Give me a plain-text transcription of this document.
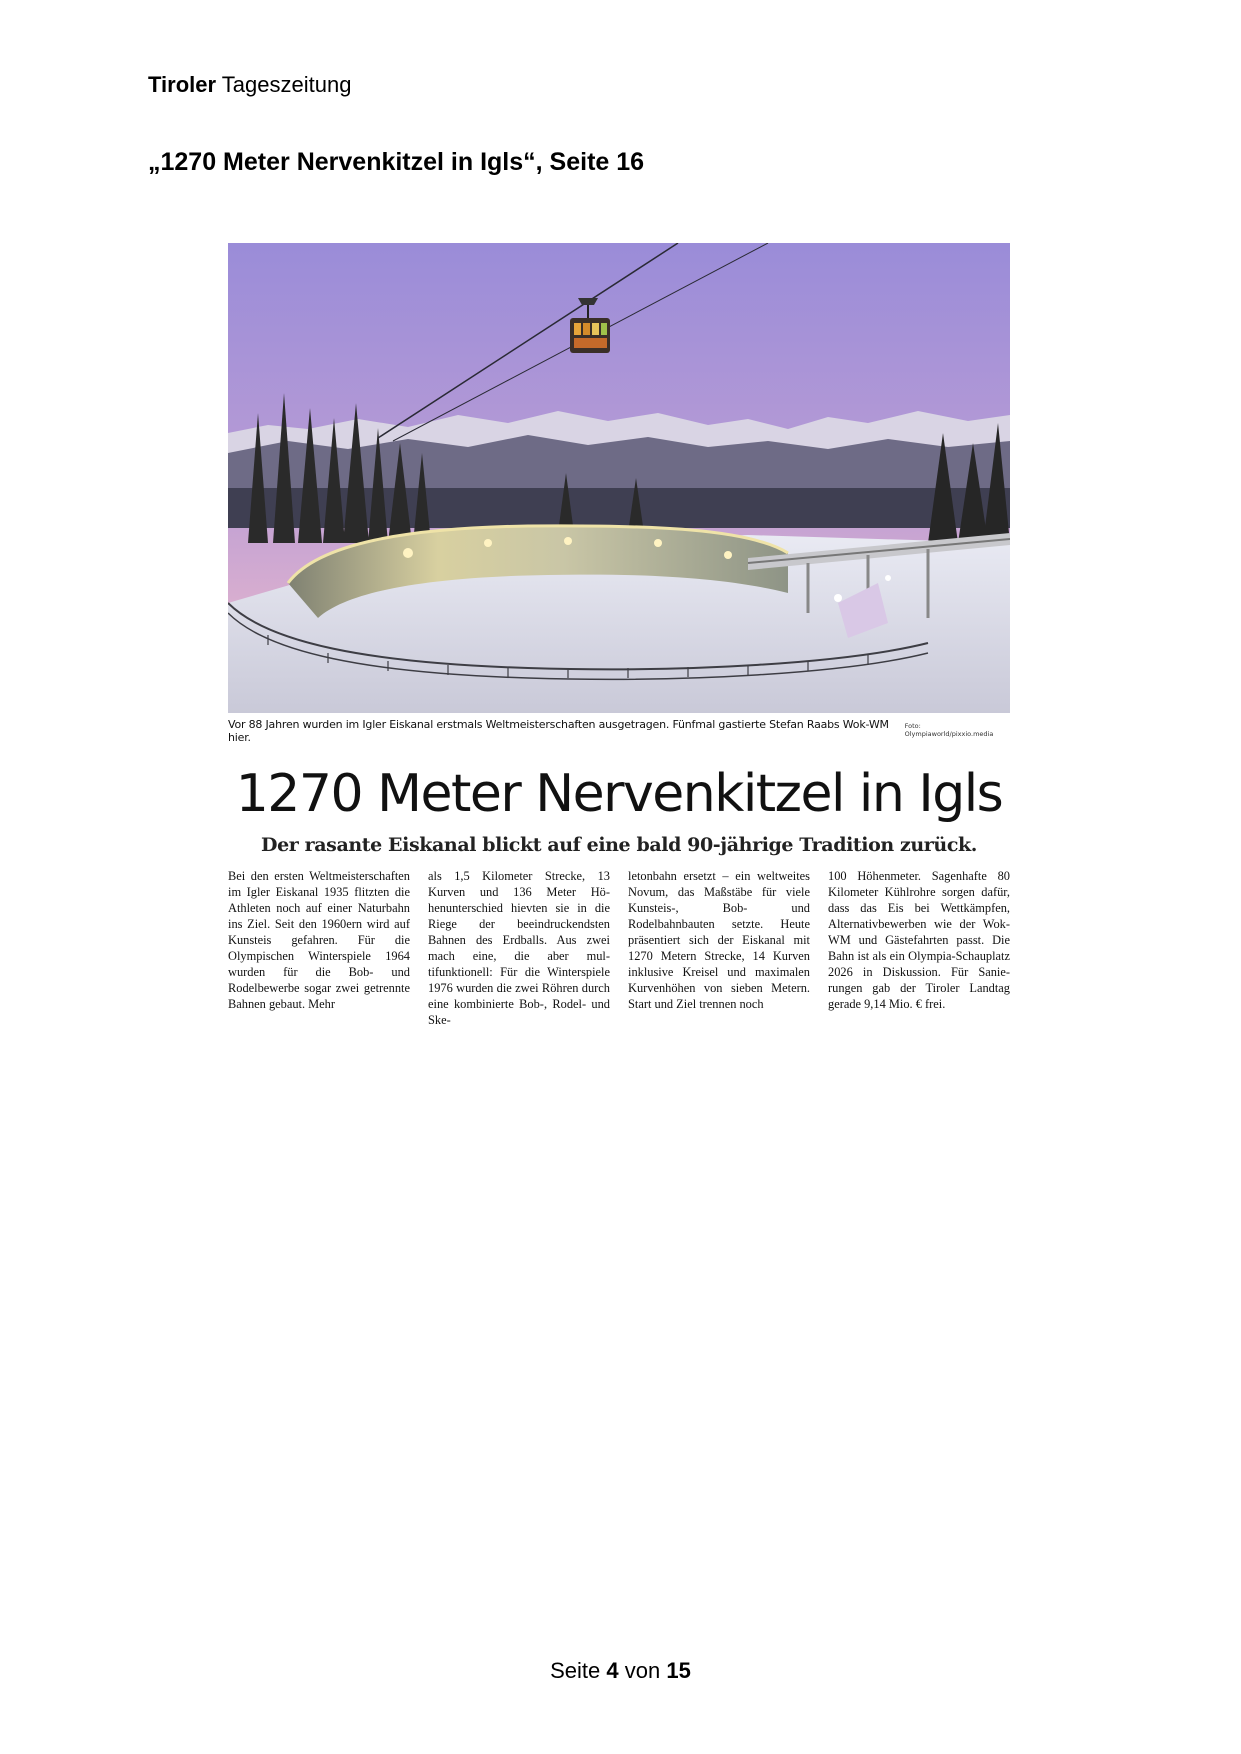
Tiroler Tageszeitung
„1270 Meter Nervenkitzel in Igls“, Seite 16
Vor 88 Jahren wurden im Igler Eiskanal erstmals Weltmeisterschaften ausgetragen. Fünfmal gastierte Stefan Raabs Wok-WM hier.
Foto: Olympiaworld/pixxio.media
1270 Meter Nervenkitzel in Igls
Der rasante Eiskanal blickt auf eine bald 90-jährige Tradition zurück.
Bei den ersten Weltmeisterschaften im Igler Eiskanal 1935 flitzten die Athleten noch auf einer Naturbahn ins Ziel. Seit den 1960ern wird auf Kunsteis gefahren. Für die Olympischen Winterspiele 1964 wurden für die Bob- und Rodelbewerbe sogar zwei getrennte Bahnen gebaut. Mehr
als 1,5 Kilometer Strecke, 13 Kurven und 136 Meter Höhenunterschied hievten sie in die Riege der beeindruckendsten Bahnen des Erdballs. Aus zwei mach eine, die aber multifunktionell: Für die Winterspiele 1976 wurden die zwei Röhren durch eine kombinierte Bob-, Rodel- und Ske-
letonbahn ersetzt – ein weltweites Novum, das Maßstäbe für viele Kunsteis-, Bob- und Rodelbahnbauten setzte. Heute präsentiert sich der Eiskanal mit 1270 Metern Strecke, 14 Kurven inklusive Kreisel und maximalen Kurvenhöhen von sieben Metern. Start und Ziel trennen noch
100 Höhenmeter. Sagenhafte 80 Kilometer Kühlrohre sorgen dafür, dass das Eis bei Wettkämpfen, Alternativbewerben wie der Wok-WM und Gästefahrten passt. Die Bahn ist als ein Olympia-Schauplatz 2026 in Diskussion. Für Sanierungen gab der Tiroler Landtag gerade 9,14 Mio. € frei.
Seite 4 von 15
